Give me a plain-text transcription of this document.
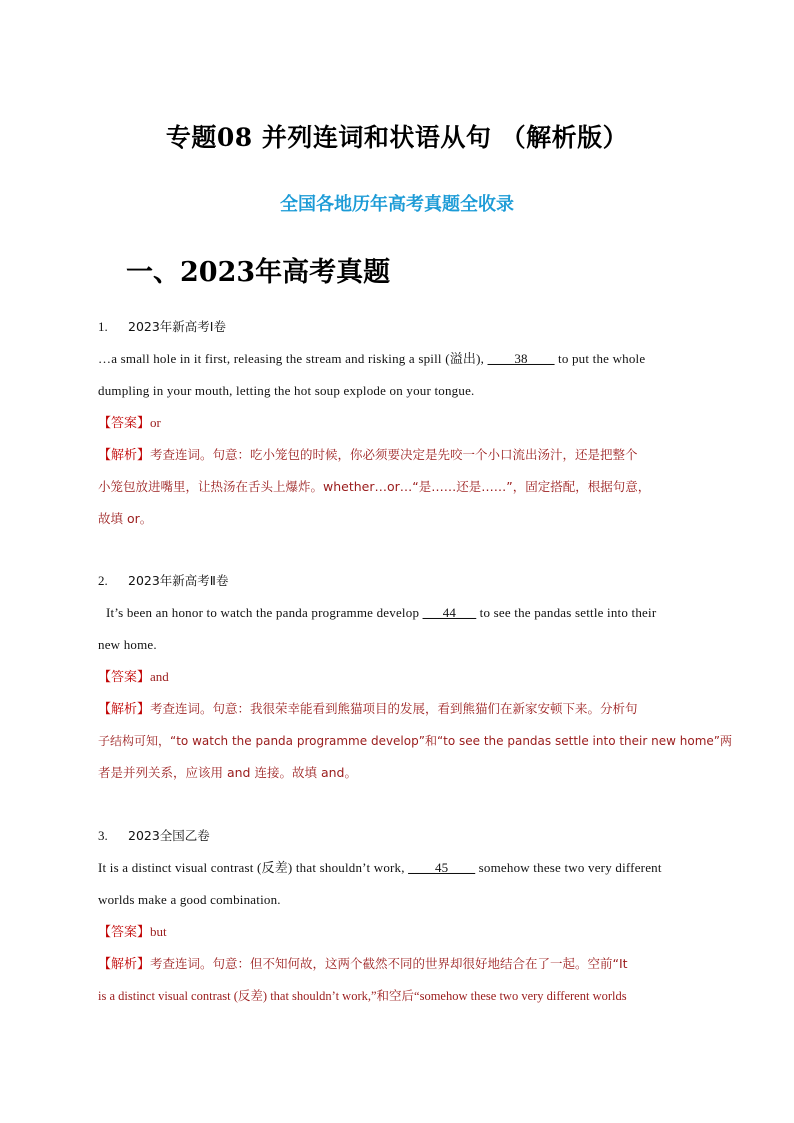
专题08 并列连词和状语从句 （解析版）
全国各地历年高考真题全收录
一、2023年高考真题
1. 2023年新高考Ⅰ卷
…a small hole in it first, releasing the stream and risking a spill (溢出), ____38____ to put the whole
dumpling in your mouth, letting the hot soup explode on your tongue.
【答案】or
【解析】考查连词。句意：吃小笼包的时候，你必须要决定是先咬一个小口流出汤汁，还是把整个
小笼包放进嘴里，让热汤在舌头上爆炸。whether…or…“是……还是……”，固定搭配，根据句意，
故填 or。
2. 2023年新高考Ⅱ卷
It’s been an honor to watch the panda programme develop ___44___ to see the pandas settle into their
new home.
【答案】and
【解析】考查连词。句意：我很荣幸能看到熊猫项目的发展，看到熊猫们在新家安顿下来。分析句
子结构可知，“to watch the panda programme develop”和“to see the pandas settle into their new home”两
者是并列关系，应该用 and 连接。故填 and。
3. 2023全国乙卷
It is a distinct visual contrast (反差) that shouldn’t work, ____45____ somehow these two very different
worlds make a good combination.
【答案】but
【解析】考查连词。句意：但不知何故，这两个截然不同的世界却很好地结合在了一起。空前“It
is a distinct visual contrast (反差) that shouldn’t work,”和空后“somehow these two very different worlds
